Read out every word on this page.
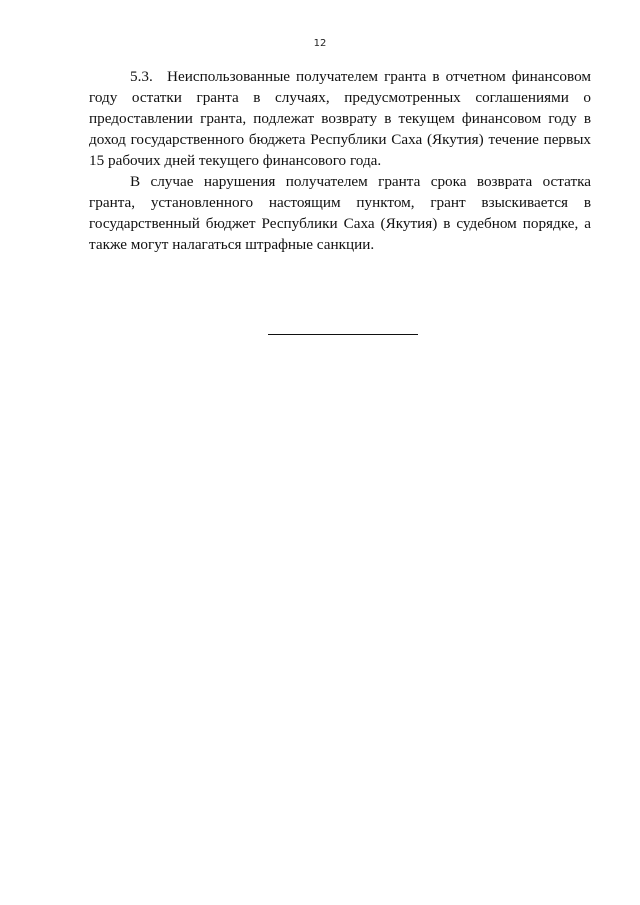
12

5.3. Неиспользованные получателем гранта в отчетном финансовом году остатки гранта в случаях, предусмотренных соглашениями о предоставлении гранта, подлежат возврату в текущем финансовом году в доход государственного бюджета Республики Саха (Якутия) течение первых 15 рабочих дней текущего финансового года.

В случае нарушения получателем гранта срока возврата остатка гранта, установленного настоящим пунктом, грант взыскивается в государственный бюджет Республики Саха (Якутия) в судебном порядке, а также могут налагаться штрафные санкции.
